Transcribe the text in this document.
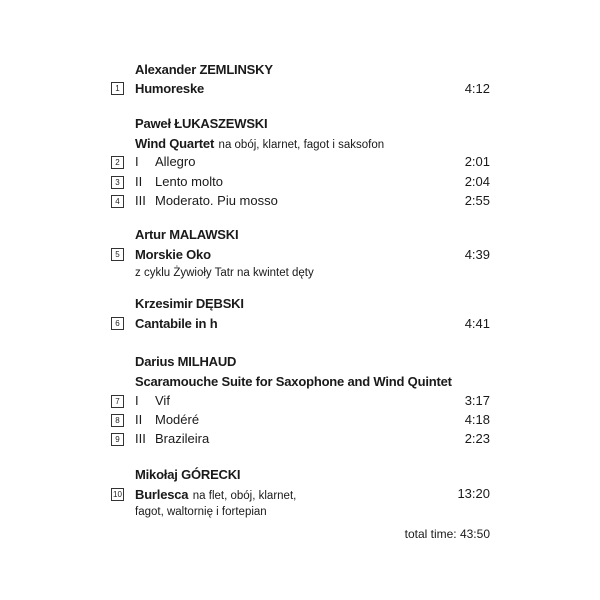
Alexander ZEMLINSKY
1	Humoreske	4:12
Paweł ŁUKASZEWSKI
Wind Quartet na obój, klarnet, fagot i saksofon
2	I Allegro	2:01
3	II Lento molto	2:04
4	III Moderato. Piu mosso	2:55
Artur MALAWSKI
5	Morskie Oko	4:39
z cyklu Żywioły Tatr na kwintet dęty
Krzesimir DĘBSKI
6	Cantabile in h	4:41
Darius MILHAUD
Scaramouche Suite for Saxophone and Wind Quintet
7	I Vif	3:17
8	II Modéré	4:18
9	III Brazileira	2:23
Mikołaj GÓRECKI
10 Burlesca na flet, obój, klarnet,	13:20
fagot, waltornię i fortepian
total time: 43:50
